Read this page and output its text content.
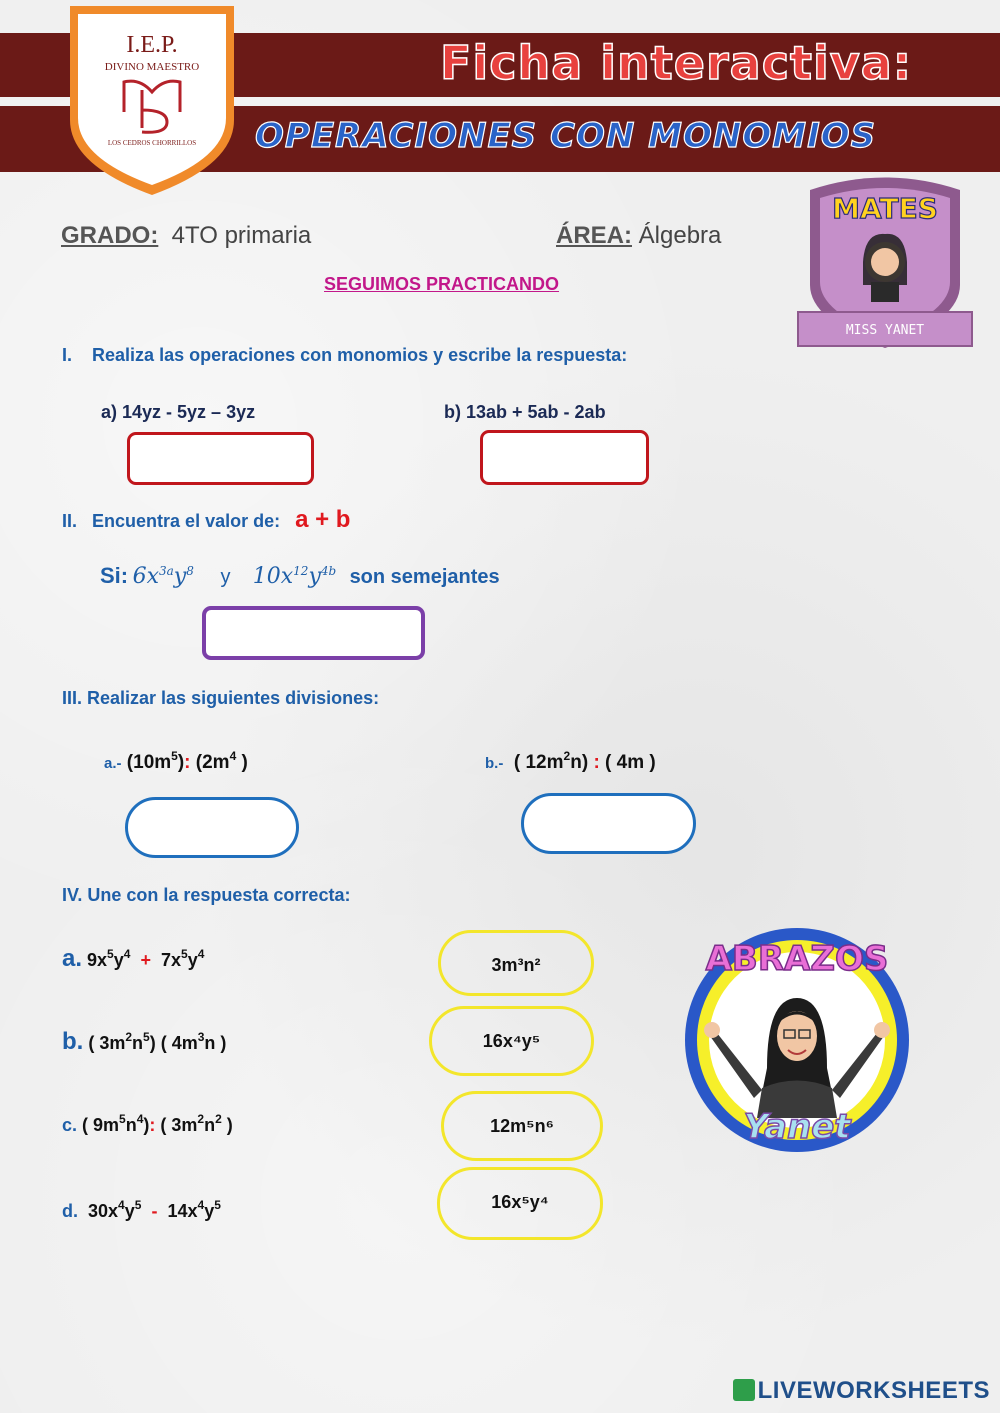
Ficha interactiva:
OPERACIONES CON MONOMIOS
I.E.P.
DIVINO MAESTRO
LOS CEDROS CHORRILLOS
MATES
MISS YANET
GRADO: 4TO primaria	ÁREA: Álgebra
SEGUIMOS PRACTICANDO
I. Realiza las operaciones con monomios y escribe la respuesta:
a) 14yz - 5yz – 3yz	b) 13ab + 5ab - 2ab
II. Encuentra el valor de: a + b
Si: $6x^{3a}y^8$ y $10x^{12}y^{4b}$ son semejantes
III. Realizar las siguientes divisiones:
a.- $(10m^5)$: ($2m^4$ )	b.-  ( $12m^2n$) : ( 4m )
IV. Une con la respuesta correcta:
a. $9x^5y^4 + 7x^5y^4$
b. ( $3m^2n^5$) ( $4m^3n$ )
c. ( $9m^5n^4$): ( $3m^2n^2$ )
d.  $30x^4y^5 - 14x^4y^5$
3m³n²
16x⁴y⁵
12m⁵n⁶
16x⁵y⁴
ABRAZOS
Yanet
LIVEWORKSHEETS
